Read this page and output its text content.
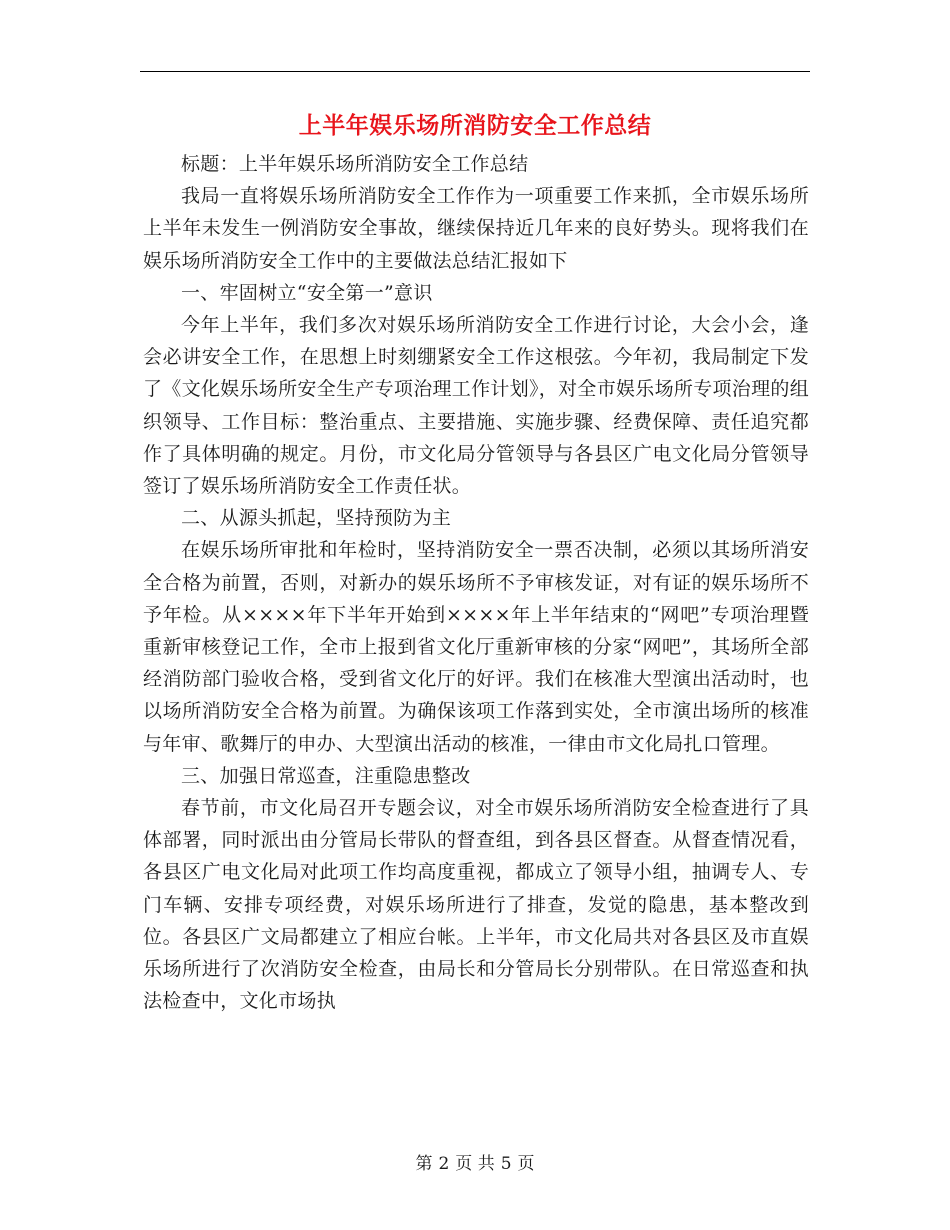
上半年娱乐场所消防安全工作总结

标题：上半年娱乐场所消防安全工作总结

我局一直将娱乐场所消防安全工作作为一项重要工作来抓，全市娱乐场所上半年未发生一例消防安全事故，继续保持近几年来的良好势头。现将我们在娱乐场所消防安全工作中的主要做法总结汇报如下

一、牢固树立“安全第一”意识

今年上半年，我们多次对娱乐场所消防安全工作进行讨论，大会小会，逢会必讲安全工作，在思想上时刻绷紧安全工作这根弦。今年初，我局制定下发了《文化娱乐场所安全生产专项治理工作计划》，对全市娱乐场所专项治理的组织领导、工作目标：整治重点、主要措施、实施步骤、经费保障、责任追究都作了具体明确的规定。月份，市文化局分管领导与各县区广电文化局分管领导签订了娱乐场所消防安全工作责任状。

二、从源头抓起，坚持预防为主

在娱乐场所审批和年检时，坚持消防安全一票否决制，必须以其场所消安全合格为前置，否则，对新办的娱乐场所不予审核发证，对有证的娱乐场所不予年检。从××××年下半年开始到××××年上半年结束的“网吧”专项治理暨重新审核登记工作，全市上报到省文化厅重新审核的分家“网吧”，其场所全部经消防部门验收合格，受到省文化厅的好评。我们在核准大型演出活动时，也以场所消防安全合格为前置。为确保该项工作落到实处，全市演出场所的核准与年审、歌舞厅的申办、大型演出活动的核准，一律由市文化局扎口管理。

三、加强日常巡查，注重隐患整改

春节前，市文化局召开专题会议，对全市娱乐场所消防安全检查进行了具体部署，同时派出由分管局长带队的督查组，到各县区督查。从督查情况看，各县区广电文化局对此项工作均高度重视，都成立了领导小组，抽调专人、专门车辆、安排专项经费，对娱乐场所进行了排查，发觉的隐患，基本整改到位。各县区广文局都建立了相应台帐。上半年，市文化局共对各县区及市直娱乐场所进行了次消防安全检查，由局长和分管局长分别带队。在日常巡查和执法检查中，文化市场执

第 2 页 共 5 页
